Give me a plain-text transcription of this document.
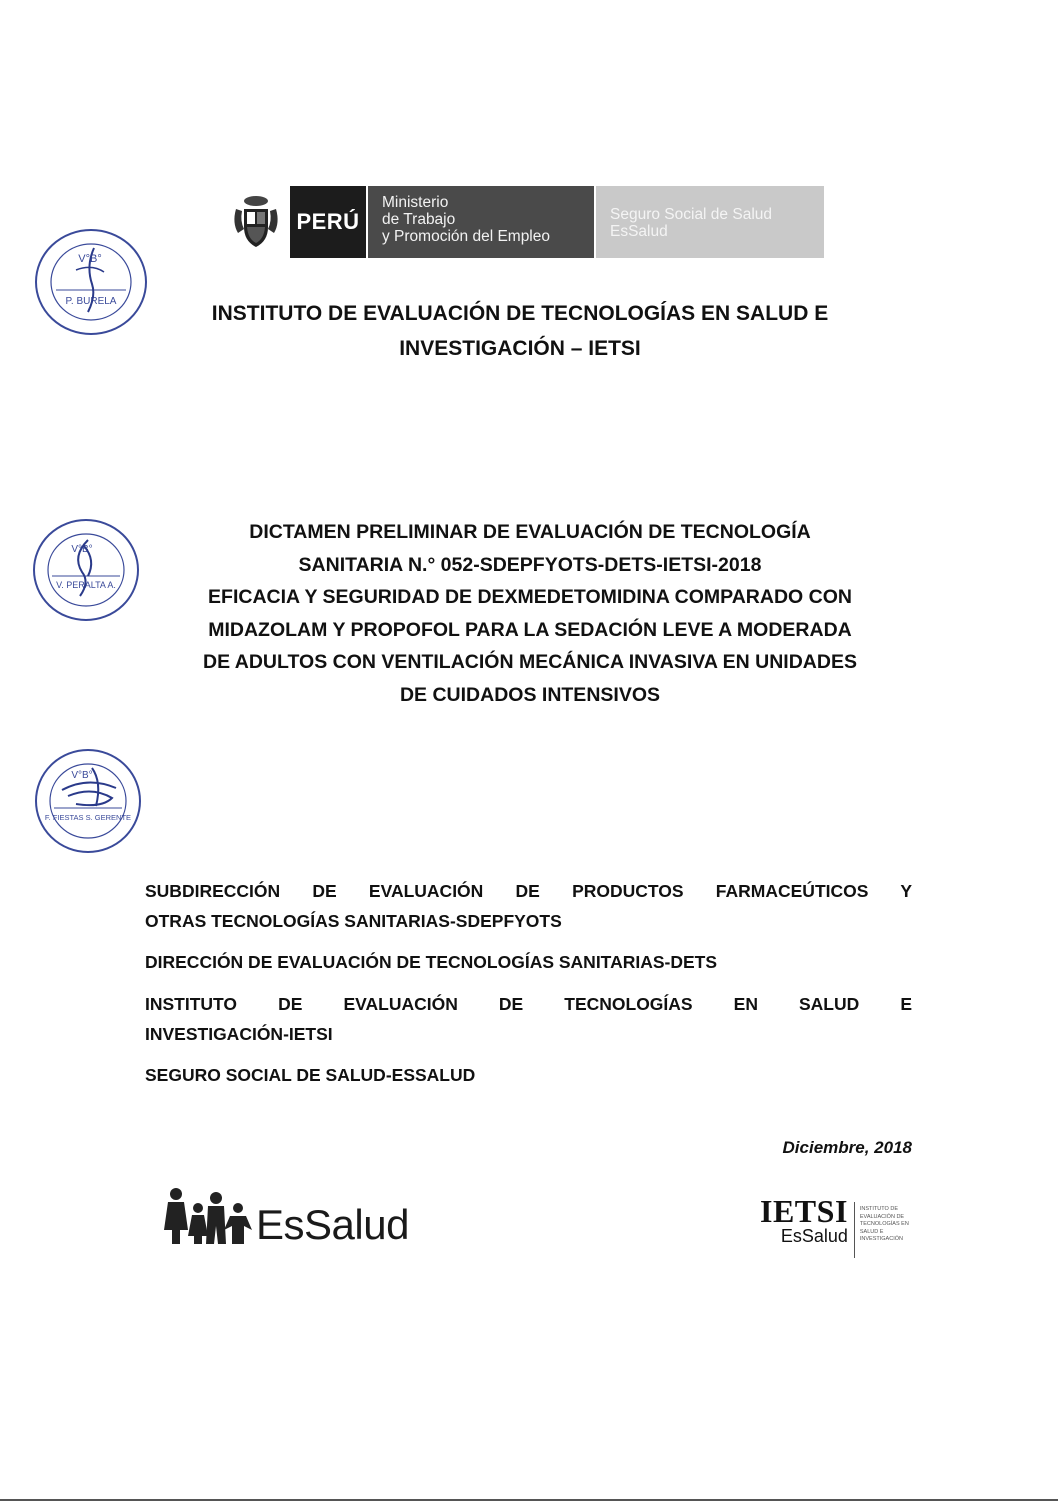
PERÚ
Ministerio
de Trabajo
y Promoción del Empleo
Seguro Social de Salud
EsSalud
V°B°
P. BURELA
INSTITUTO DE EVALUACIÓN DE TECNOLOGÍAS EN SALUD E
INVESTIGACIÓN – IETSI
V°B°
V. PERALTA A.
DICTAMEN PRELIMINAR DE EVALUACIÓN DE TECNOLOGÍA
SANITARIA N.° 052-SDEPFYOTS-DETS-IETSI-2018
EFICACIA Y SEGURIDAD DE DEXMEDETOMIDINA COMPARADO CON
MIDAZOLAM Y PROPOFOL PARA LA SEDACIÓN LEVE A MODERADA
DE ADULTOS CON VENTILACIÓN MECÁNICA INVASIVA EN UNIDADES
DE CUIDADOS INTENSIVOS
V°B°
F. FIESTAS S. GERENTE
SUBDIRECCIÓN DE EVALUACIÓN DE PRODUCTOS FARMACEÚTICOS Y
OTRAS TECNOLOGÍAS SANITARIAS-SDEPFYOTS
DIRECCIÓN DE EVALUACIÓN DE TECNOLOGÍAS SANITARIAS-DETS
INSTITUTO DE EVALUACIÓN DE TECNOLOGÍAS EN SALUD E
INVESTIGACIÓN-IETSI
SEGURO SOCIAL DE SALUD-ESSALUD
Diciembre, 2018
EsSalud	IETSI
EsSalud
INSTITUTO DE EVALUACIÓN DE TECNOLOGÍAS EN SALUD E INVESTIGACIÓN
